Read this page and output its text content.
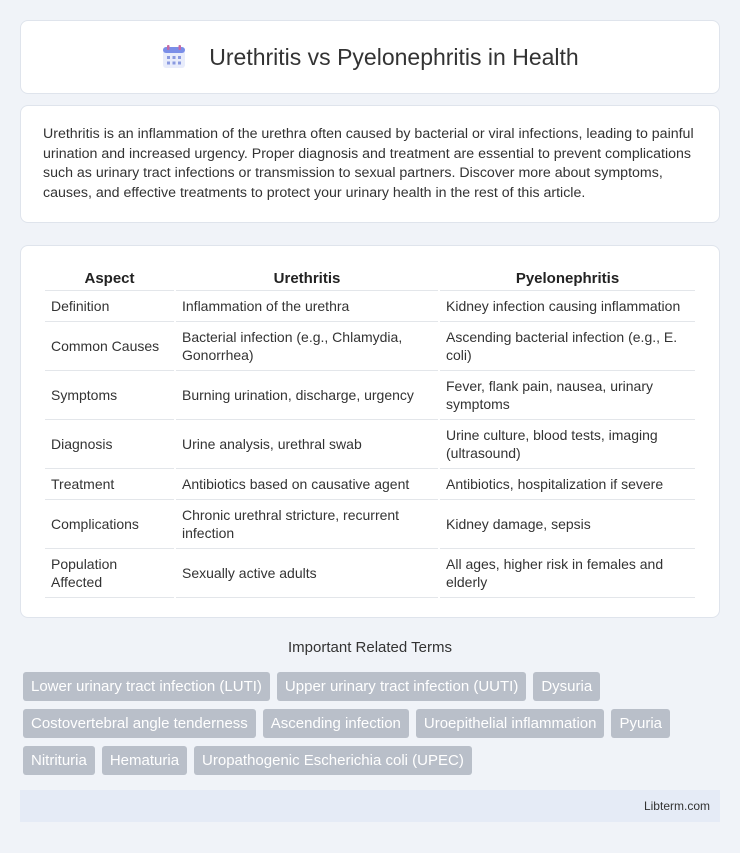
Urethritis vs Pyelonephritis in Health

Urethritis is an inflammation of the urethra often caused by bacterial or viral infections, leading to painful urination and increased urgency. Proper diagnosis and treatment are essential to prevent complications such as urinary tract infections or transmission to sexual partners. Discover more about symptoms, causes, and effective treatments to protect your urinary health in the rest of this article.

Aspect	Urethritis	Pyelonephritis
Definition	Inflammation of the urethra	Kidney infection causing inflammation
Common Causes	Bacterial infection (e.g., Chlamydia, Gonorrhea)	Ascending bacterial infection (e.g., E. coli)
Symptoms	Burning urination, discharge, urgency	Fever, flank pain, nausea, urinary symptoms
Diagnosis	Urine analysis, urethral swab	Urine culture, blood tests, imaging (ultrasound)
Treatment	Antibiotics based on causative agent	Antibiotics, hospitalization if severe
Complications	Chronic urethral stricture, recurrent infection	Kidney damage, sepsis
Population Affected	Sexually active adults	All ages, higher risk in females and elderly
Important Related Terms
Lower urinary tract infection (LUTI)	Upper urinary tract infection (UUTI)	Dysuria
Costovertebral angle tenderness	Ascending infection	Uroepithelial inflammation	Pyuria
Nitrituria	Hematuria	Uropathogenic Escherichia coli (UPEC)
Libterm.com
